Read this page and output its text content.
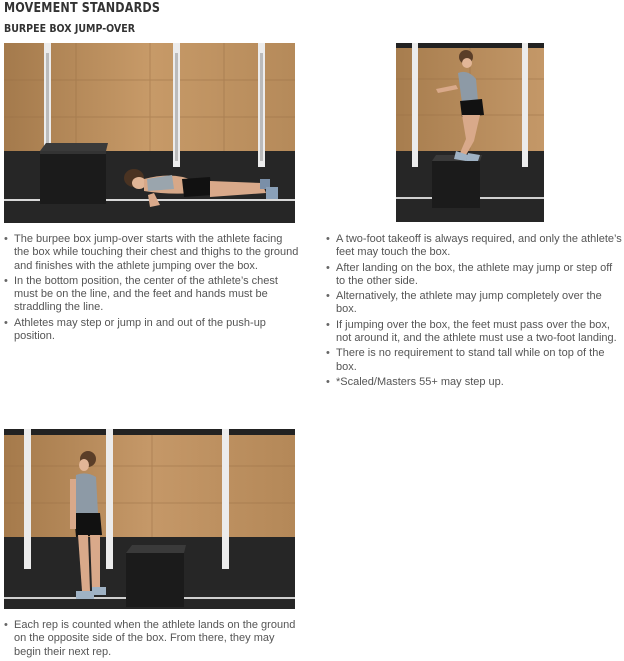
MOVEMENT STANDARDS
BURPEE BOX JUMP-OVER
• The burpee box jump-over starts with the athlete facing the box while touching their chest and thighs to the ground and finishes with the athlete jumping over the box.
• In the bottom position, the center of the athlete’s chest must be on the line, and the feet and hands must be straddling the line.
• Athletes may step or jump in and out of the push-up position.
• A two-foot takeoff is always required, and only the athlete’s feet may touch the box.
• After landing on the box, the athlete may jump or step off to the other side.
• Alternatively, the athlete may jump completely over the box.
• If jumping over the box, the feet must pass over the box, not around it, and the athlete must use a two-foot landing.
• There is no requirement to stand tall while on top of the box.
• *Scaled/Masters 55+ may step up.
• Each rep is counted when the athlete lands on the ground on the opposite side of the box. From there, they may begin their next rep.
